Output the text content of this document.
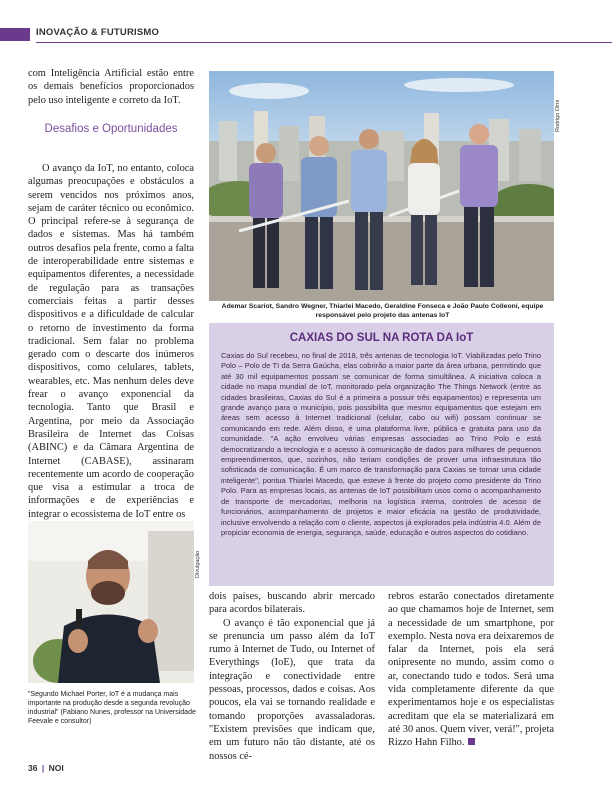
INOVAÇÃO & FUTURISMO

com Inteligência Artificial estão entre os demais benefícios proporcionados pelo uso inteligente e correto da IoT.

Desafios e Oportunidades

O avanço da IoT, no entanto, coloca algumas preocupações e obstáculos a serem vencidos nos próximos anos, sejam de caráter técnico ou econômico. O principal refere-se à segurança de dados e sistemas. Mas há também outros desafios pela frente, como a falta de interoperabilidade entre sistemas e equipamentos diferentes, a necessidade de regulação para as transações comerciais feitas a partir desses dispositivos e a dificuldade de calcular o retorno de investimento da forma tradicional. Sem falar no problema gerado com o descarte dos inúmeros dispositivos, como celulares, tablets, wearables, etc. Mas nenhum deles deve frear o avanço exponencial da tecnologia. Tanto que Brasil e Argentina, por meio da Associação Brasileira de Internet das Coisas (ABINC) e da Câmara Argentina de Internet (CABASE), assinaram recentemente um acordo de cooperação que visa a estimular a troca de informações e de experiências e integrar o ecossistema de IoT entre os

Rodrigo Olmi
Ademar Scariot, Sandro Wegner, Thiarlei Macedo, Geraldine Fonseca e João Paulo Colleoni, equipe responsável pelo projeto das antenas IoT
CAXIAS DO SUL NA ROTA DA IoT

Caxias do Sul recebeu, no final de 2018, três antenas de tecnologia IoT. Viabilizadas pelo Trino Polo – Polo de TI da Serra Gaúcha, elas cobrirão a maior parte da área urbana, permitindo que até 30 mil equipamentos possam se comunicar de forma simultânea. A iniciativa coloca a cidade no mapa mundial de IoT, monitorado pela organização The Things Network (entre as cidades brasileiras, Caxias do Sul é a primeira a possuir três equipamentos) e representa um grande avanço para o município, pois possibilita que mesmo equipamentos que estejam em áreas sem acesso à Internet tradicional (celular, cabo ou wifi) possam continuar se comunicando em rede. Além disso, é uma plataforma livre, pública e gratuita para uso da comunidade. "A ação envolveu várias empresas associadas ao Trino Polo e está democratizando a tecnologia e o acesso à comunicação de dados para milhares de pequenos empreendimentos, que, sozinhos, não teriam condições de prover uma infraestrutura tão sofisticada de comunicação. É um marco de transformação para Caxias se tornar uma cidade inteligente", pontua Thiarlei Macedo, que esteve à frente do projeto como presidente do Trino Polo. Para as empresas locais, as antenas de IoT possibilitam usos como o acompanhamento de transporte de mercadorias, melhoria na logística interna, controles de acesso de funcionários, acompanhamento de projetos e maior eficácia na gestão de produtividade, inclusive envolvendo a relação com o cliente, aspectos já explorados pela indústria 4.0. Além de propiciar economia de energia, segurança, saúde, educação e outros aspectos do cotidiano.

Divulgação
"Segundo Michael Porter, IoT é a mudança mais importante na produção desde a segunda revolução industrial" (Fabiano Nunes, professor na Universidade Feevale e consultor)

dois países, buscando abrir mercado para acordos bilaterais.

O avanço é tão exponencial que já se prenuncia um passo além da IoT rumo à Internet de Tudo, ou Internet of Everythings (IoE), que trata da integração e conectividade entre pessoas, processos, dados e coisas. Aos poucos, ela vai se tornando realidade e tomando proporções avassaladoras. "Existem previsões que indicam que, em um futuro não tão distante, até os nossos cé-

rebros estarão conectados diretamente ao que chamamos hoje de Internet, sem a necessidade de um smartphone, por exemplo. Nesta nova era deixaremos de falar da Internet, pois ela será onipresente no mundo, assim como o ar, conectando tudo e todos. Será uma vida completamente diferente da que experimentamos hoje e os especialistas acreditam que ela se materializará em até 30 anos. Quem viver, verá!", projeta Rizzo Hahn Filho.

36 | NOI
